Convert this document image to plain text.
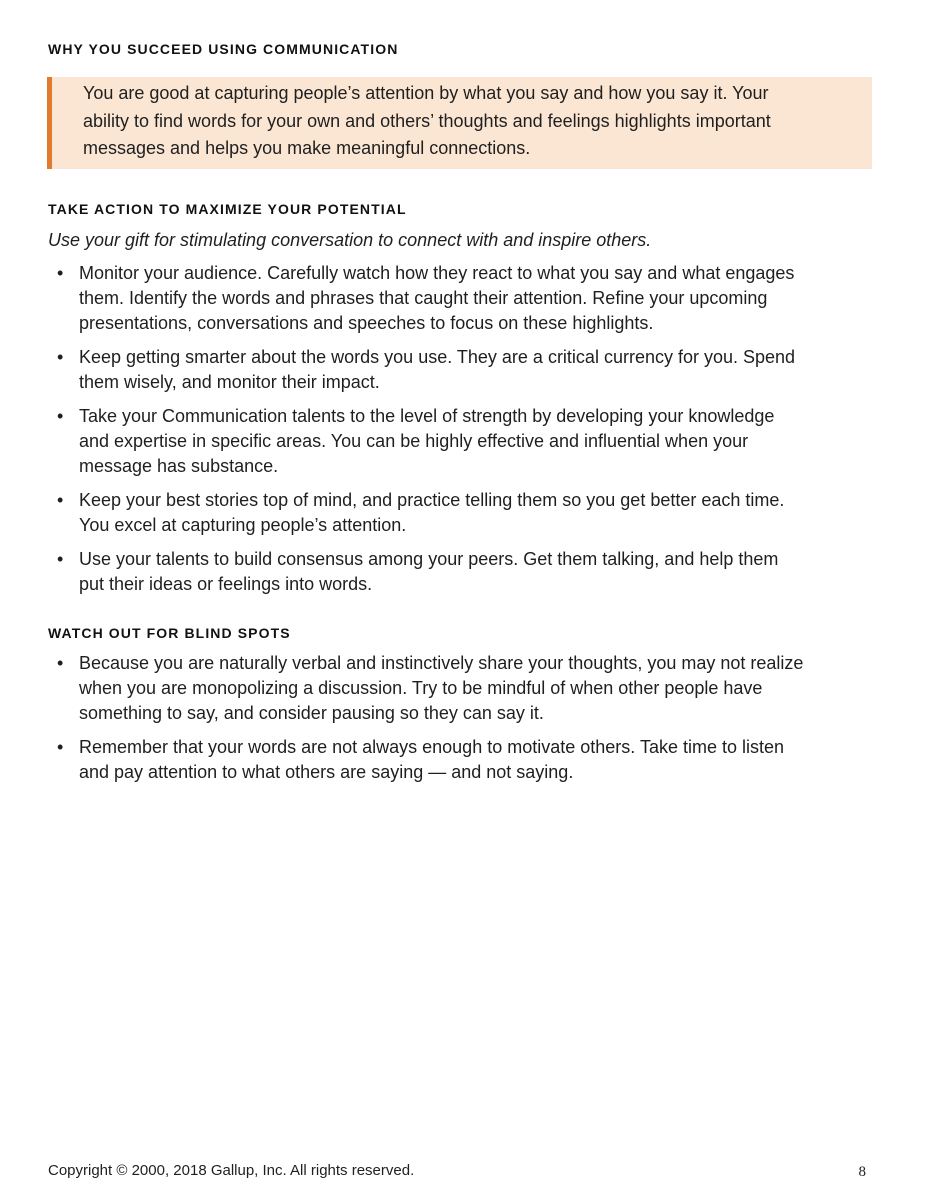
WHY YOU SUCCEED USING COMMUNICATION

You are good at capturing people’s attention by what you say and how you say it. Your ability to find words for your own and others’ thoughts and feelings highlights important messages and helps you make meaningful connections.

TAKE ACTION TO MAXIMIZE YOUR POTENTIAL

Use your gift for stimulating conversation to connect with and inspire others.

• Monitor your audience. Carefully watch how they react to what you say and what engages them. Identify the words and phrases that caught their attention. Refine your upcoming presentations, conversations and speeches to focus on these highlights.
• Keep getting smarter about the words you use. They are a critical currency for you. Spend them wisely, and monitor their impact.
• Take your Communication talents to the level of strength by developing your knowledge and expertise in specific areas. You can be highly effective and influential when your message has substance.
• Keep your best stories top of mind, and practice telling them so you get better each time. You excel at capturing people’s attention.
• Use your talents to build consensus among your peers. Get them talking, and help them put their ideas or feelings into words.
WATCH OUT FOR BLIND SPOTS
• Because you are naturally verbal and instinctively share your thoughts, you may not realize when you are monopolizing a discussion. Try to be mindful of when other people have something to say, and consider pausing so they can say it.
• Remember that your words are not always enough to motivate others. Take time to listen and pay attention to what others are saying — and not saying.

Copyright © 2000, 2018 Gallup, Inc. All rights reserved.	8
